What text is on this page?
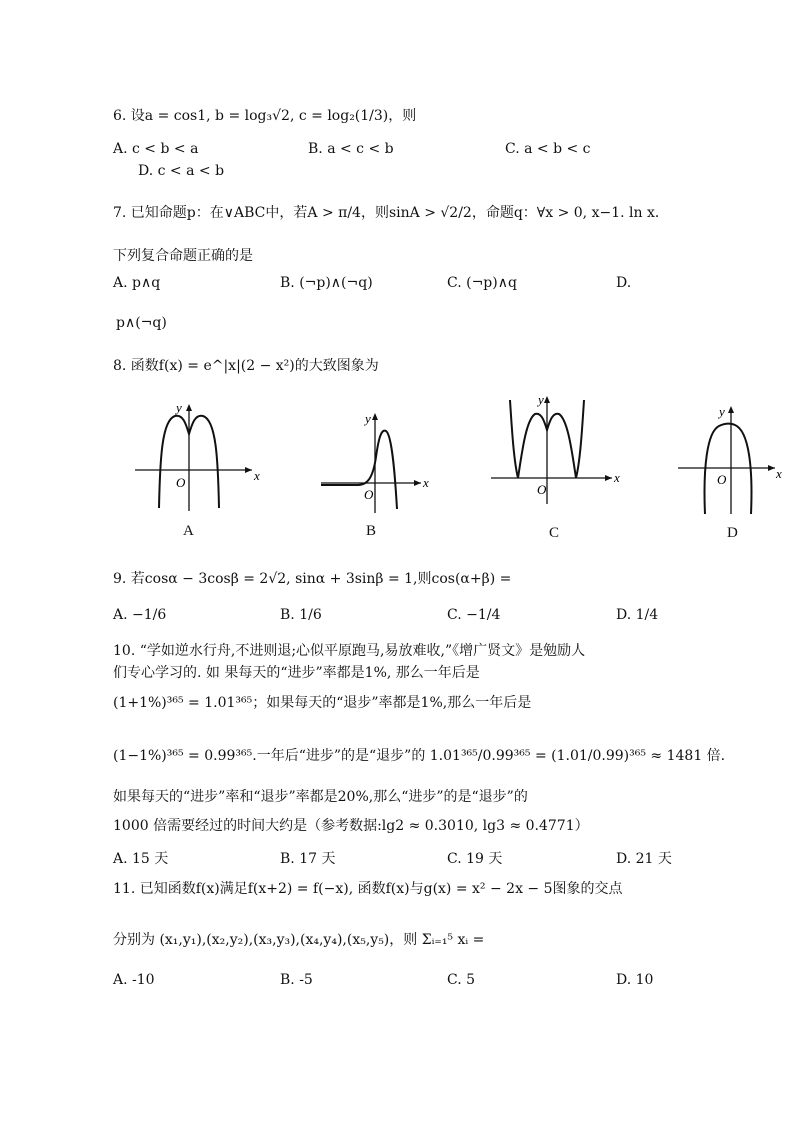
6. 设a = cos1, b = log₃√2, c = log₂(1/3)，则
A. c < b < a	B. a < c < b	C. a < b < c
D. c < a < b
7. 已知命题p：在∨ABC中，若A > π/4，则sinA > √2/2，命题q：∀x > 0, x−1. ln x．
下列复合命题正确的是
A. p∧q	B. (¬p)∧(¬q)	C. (¬p)∧q	D.
p∧(¬q)
8. 函数f(x) = e^|x|(2 − x²)的大致图象为
y
x
O
A
y
x
O
B
y
x
O
C
y
x
O
D
9. 若cosα − 3cosβ = 2√2, sinα + 3sinβ = 1,则cos(α+β) =
A. −1/6	B. 1/6	C. −1/4	D. 1/4
10. “学如逆水行舟,不进则退;心似平原跑马,易放难收,”《增广贤文》是勉励人
们专心学习的. 如 果每天的“进步”率都是1%, 那么一年后是
(1+1%)³⁶⁵ = 1.01³⁶⁵；如果每天的“退步”率都是1%,那么一年后是
(1−1%)³⁶⁵ = 0.99³⁶⁵.一年后“进步”的是“退步”的 1.01³⁶⁵/0.99³⁶⁵ = (1.01/0.99)³⁶⁵ ≈ 1481 倍.
如果每天的“进步”率和“退步”率都是20%,那么“进步”的是“退步”的
1000 倍需要经过的时间大约是（参考数据:lg2 ≈ 0.3010, lg3 ≈ 0.4771）
A. 15 天	B. 17 天	C. 19 天	D. 21 天
11. 已知函数f(x)满足f(x+2) = f(−x), 函数f(x)与g(x) = x² − 2x − 5图象的交点
分别为 (x₁,y₁),(x₂,y₂),(x₃,y₃),(x₄,y₄),(x₅,y₅)，则 Σᵢ₌₁⁵ xᵢ =
A. -10	B. -5	C. 5	D. 10
